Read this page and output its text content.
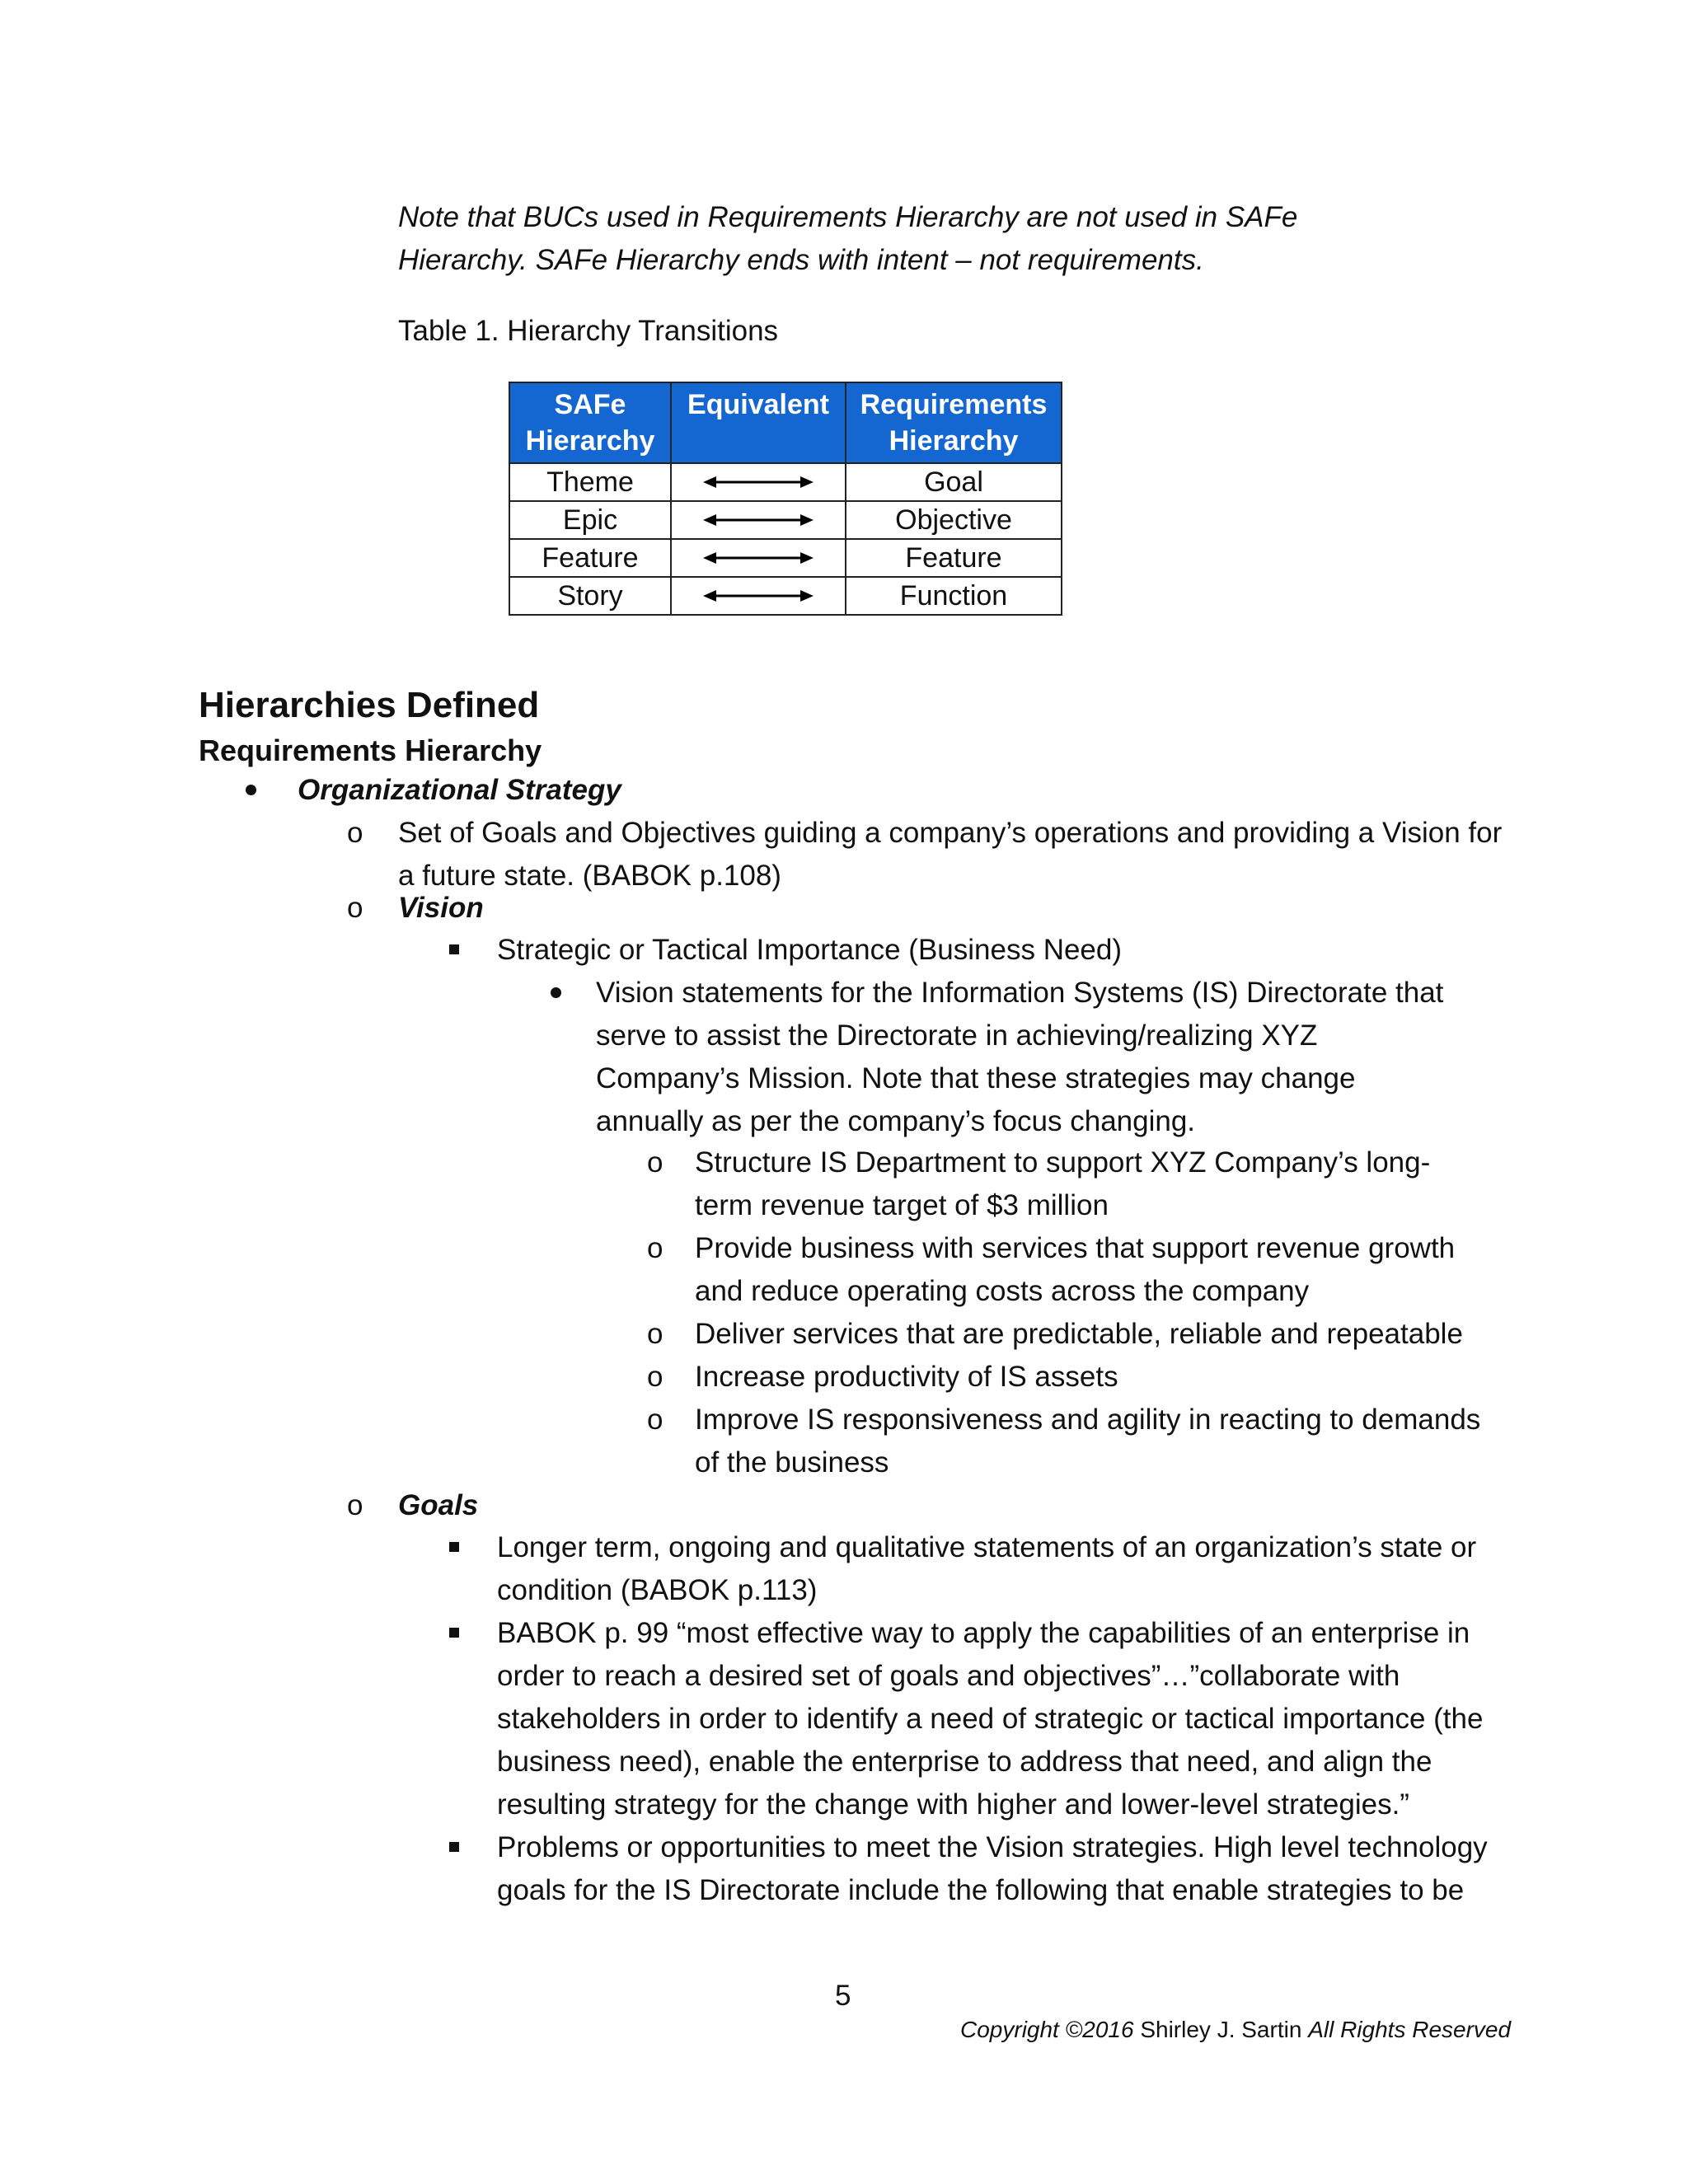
Note that BUCs used in Requirements Hierarchy are not used in SAFe Hierarchy. SAFe Hierarchy ends with intent – not requirements.

Table 1. Hierarchy Transitions
SAFe Hierarchy	Equivalent	Requirements Hierarchy
Theme		Goal
Epic		Objective
Feature		Feature
Story		Function
Hierarchies Defined
Requirements Hierarchy
Organizational Strategy
o Set of Goals and Objectives guiding a company’s operations and providing a Vision for a future state. (BABOK p.108)
o Vision
Strategic or Tactical Importance (Business Need)
Vision statements for the Information Systems (IS) Directorate that serve to assist the Directorate in achieving/realizing XYZ Company’s Mission. Note that these strategies may change annually as per the company’s focus changing.
o Structure IS Department to support XYZ Company’s long-term revenue target of $3 million
o Provide business with services that support revenue growth and reduce operating costs across the company
o Deliver services that are predictable, reliable and repeatable
o Increase productivity of IS assets
o Improve IS responsiveness and agility in reacting to demands of the business
o Goals
Longer term, ongoing and qualitative statements of an organization’s state or condition (BABOK p.113)
BABOK p. 99 “most effective way to apply the capabilities of an enterprise in order to reach a desired set of goals and objectives”…”collaborate with stakeholders in order to identify a need of strategic or tactical importance (the business need), enable the enterprise to address that need, and align the resulting strategy for the change with higher and lower-level strategies.”
Problems or opportunities to meet the Vision strategies. High level technology goals for the IS Directorate include the following that enable strategies to be
5
Copyright ©2016 Shirley J. Sartin All Rights Reserved
